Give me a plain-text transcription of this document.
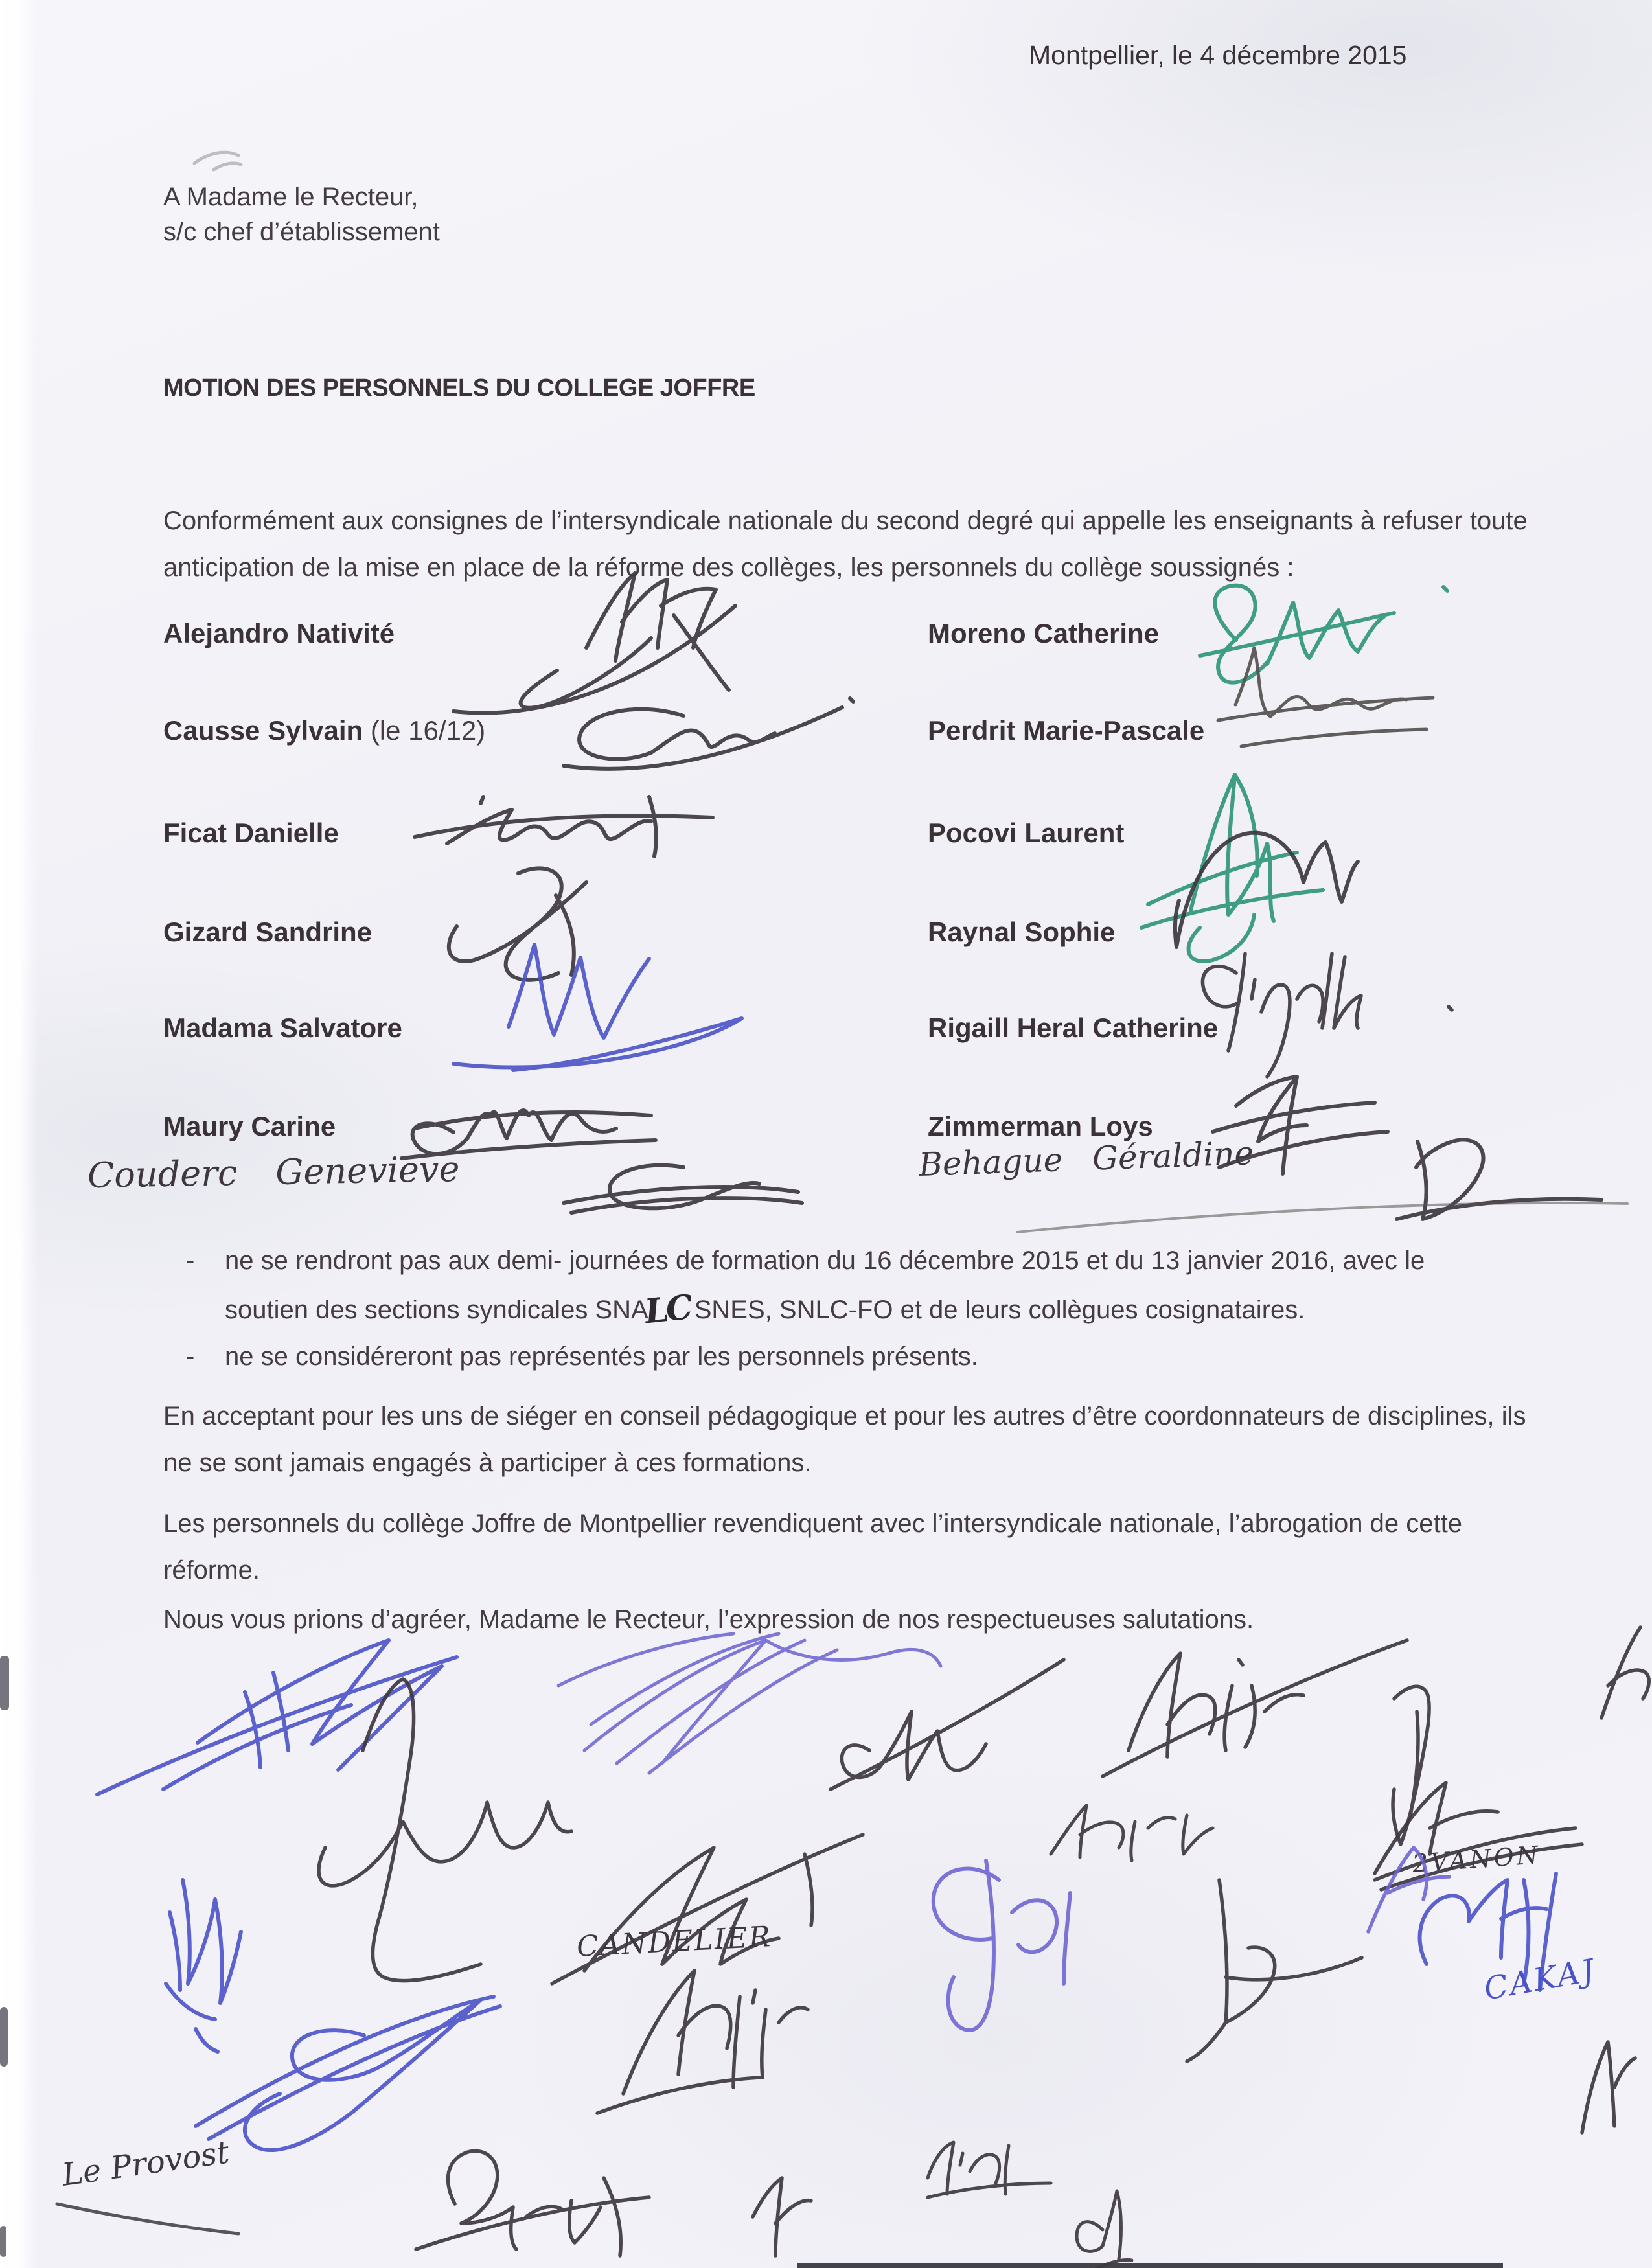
Montpellier, le 4 décembre 2015
A Madame le Recteur,
s/c chef d’établissement
MOTION DES PERSONNELS DU COLLEGE JOFFRE
Conformément aux consignes de l’intersyndicale nationale du second degré qui appelle les enseignants à refuser toute
anticipation de la mise en place de la réforme des collèges, les personnels du collège soussignés :
Alejandro Nativité
Causse Sylvain (le 16/12)
Ficat Danielle
Gizard Sandrine
Madama Salvatore
Maury Carine
Moreno Catherine
Perdrit Marie-Pascale
Pocovi Laurent
Raynal Sophie
Rigaill Heral Catherine
Zimmerman Loys
Couderc Genevieve	Behague Géraldine
- ne se rendront pas aux demi- journées de formation du 16 décembre 2015 et du 13 janvier 2016, avec le
soutien des sections syndicales SNALC SNES, SNLC-FO et de leurs collègues cosignataires.
- ne se considéreront pas représentés par les personnels présents.
En acceptant pour les uns de siéger en conseil pédagogique et pour les autres d’être coordonnateurs de disciplines, ils
ne se sont jamais engagés à participer à ces formations.
Les personnels du collège Joffre de Montpellier revendiquent avec l’intersyndicale nationale, l’abrogation de cette
réforme.
Nous vous prions d’agréer, Madame le Recteur, l’expression de nos respectueuses salutations.
2VANON
CANDELIER
CAKAJ
Le Provost
